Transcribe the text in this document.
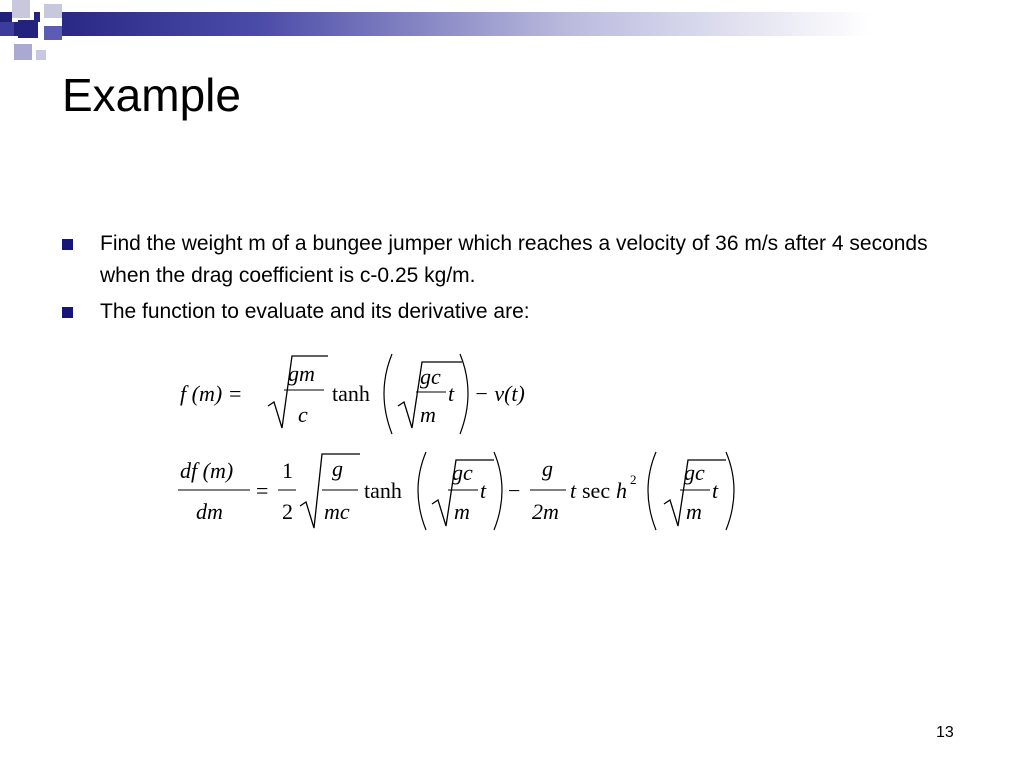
Example
Find the weight m of a bungee jumper which reaches a velocity of 36 m/s after 4 seconds when the drag coefficient is c-0.25 kg/m.
The function to evaluate and its derivative are:
f (m) =
gm
c
tanh
gc
m
t − v(t)
df (m)
dm
=
1
2
g
mc
tanh
gc
m
t −
g
2m
t sec h 2 gc
m
t
13
